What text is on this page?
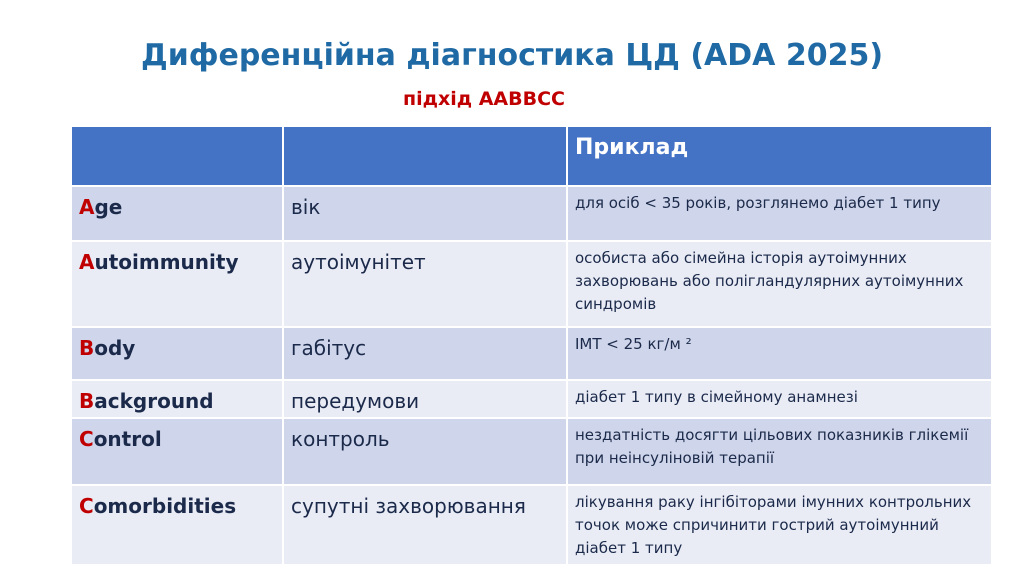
Диференційна діагностика ЦД (ADA 2025)
підхід AABBCC
		Приклад

Age	вік	для осіб < 35 років, розглянемо діабет 1 типу

Autoimmunity	аутоімунітет	особиста або сімейна історія аутоімунних захворювань або полігландулярних аутоімунних синдромів

Body	габітус	ІМТ < 25 кг/м ²

Background	передумови	діабет 1 типу в сімейному анамнезі

Control	контроль	нездатність досягти цільових показників глікемії при неінсуліновій терапії

Comorbidities	супутні захворювання	лікування раку інгібіторами імунних контрольних точок може спричинити гострий аутоімунний діабет 1 типу
